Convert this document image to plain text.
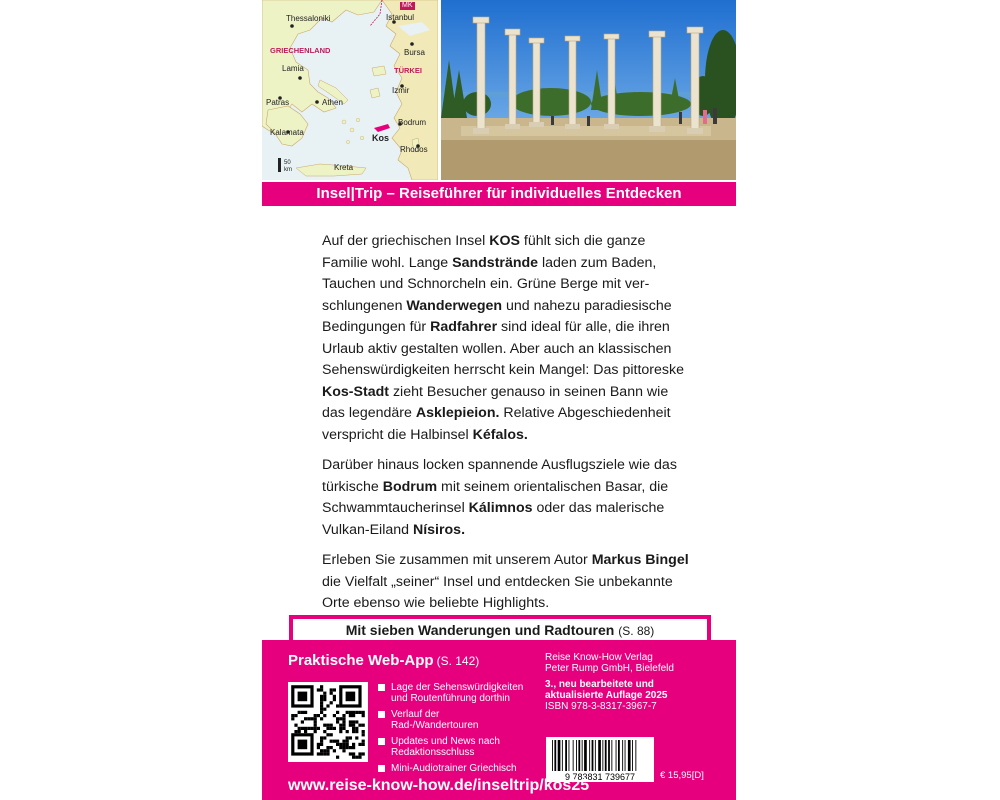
MK
Thessaloniki	Istanbul
Bursa
GRIECHENLAND
TÜRKEI
Lamia
Izmir
Patras	Athen
Bodrum
Kalamata
Kos
Rhodos
Kreta
50
km
Insel|Trip – Reiseführer für individuelles Entdecken

Auf der griechischen Insel KOS fühlt sich die ganze Familie wohl. Lange Sandstrände laden zum Baden, Tauchen und Schnorcheln ein. Grüne Berge mit verschlungenen Wanderwegen und nahezu paradiesische Bedingungen für Radfahrer sind ideal für alle, die ihren Urlaub aktiv gestalten wollen. Aber auch an klassischen Sehenswürdigkeiten herrscht kein Mangel: Das pittoreske Kos-Stadt zieht Besucher genauso in seinen Bann wie das legendäre Asklepieion. Relative Abgeschiedenheit verspricht die Halbinsel Kéfalos.

Darüber hinaus locken spannende Ausflugsziele wie das türkische Bodrum mit seinem orientalischen Basar, die Schwammtaucherinsel Kálimnos oder das malerische Vulkan-Eiland Nísiros.

Erleben Sie zusammen mit unserem Autor Markus Bingel die Vielfalt „seiner“ Insel und entdecken Sie unbekannte Orte ebenso wie beliebte Highlights.

Mit sieben Wanderungen und Radtouren (S. 88)
Praktische Web-App (S. 142)
Lage der Sehenswürdigkeiten und Routenführung dorthin
Verlauf der Rad-/Wandertouren
Updates und News nach Redaktionsschluss
Mini-Audiotrainer Griechisch
Reise Know-How Verlag
Peter Rump GmbH, Bielefeld
3., neu bearbeitete und
aktualisierte Auflage 2025
ISBN 978-3-8317-3967-7
9 783831 739677	€ 15,95[D]
www.reise-know-how.de/inseltrip/kos25
